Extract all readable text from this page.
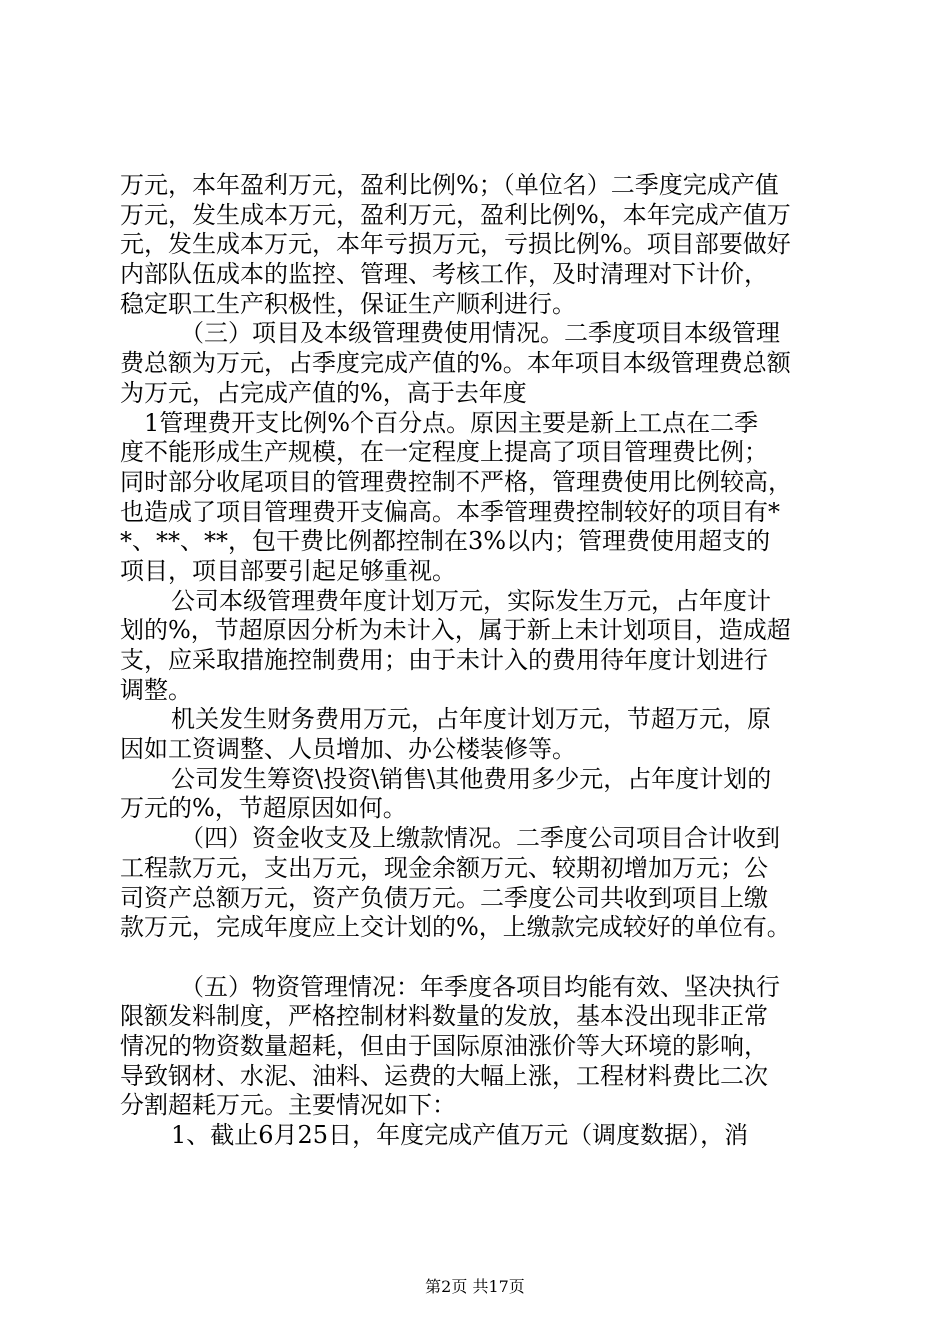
万元，本年盈利万元，盈利比例%；（单位名）二季度完成产值
万元，发生成本万元，盈利万元，盈利比例%，本年完成产值万
元，发生成本万元，本年亏损万元，亏损比例%。项目部要做好
内部队伍成本的监控、管理、考核工作，及时清理对下计价，
稳定职工生产积极性，保证生产顺利进行。
（三）项目及本级管理费使用情况。二季度项目本级管理
费总额为万元，占季度完成产值的%。本年项目本级管理费总额
为万元，占完成产值的%，高于去年度
1管理费开支比例%个百分点。原因主要是新上工点在二季
度不能形成生产规模，在一定程度上提高了项目管理费比例；
同时部分收尾项目的管理费控制不严格，管理费使用比例较高，
也造成了项目管理费开支偏高。本季管理费控制较好的项目有*
*、**、**，包干费比例都控制在3%以内；管理费使用超支的
项目，项目部要引起足够重视。
公司本级管理费年度计划万元，实际发生万元，占年度计
划的%，节超原因分析为未计入，属于新上未计划项目，造成超
支，应采取措施控制费用；由于未计入的费用待年度计划进行
调整。
机关发生财务费用万元，占年度计划万元，节超万元，原
因如工资调整、人员增加、办公楼装修等。
公司发生筹资\投资\销售\其他费用多少元，占年度计划的
万元的%，节超原因如何。
（四）资金收支及上缴款情况。二季度公司项目合计收到
工程款万元，支出万元，现金余额万元、较期初增加万元；公
司资产总额万元，资产负债万元。二季度公司共收到项目上缴
款万元，完成年度应上交计划的%，上缴款完成较好的单位有。
（五）物资管理情况：年季度各项目均能有效、坚决执行
限额发料制度，严格控制材料数量的发放，基本没出现非正常
情况的物资数量超耗，但由于国际原油涨价等大环境的影响，
导致钢材、水泥、油料、运费的大幅上涨，工程材料费比二次
分割超耗万元。主要情况如下：
1、截止6月25日，年度完成产值万元（调度数据），消
第2页 共17页
